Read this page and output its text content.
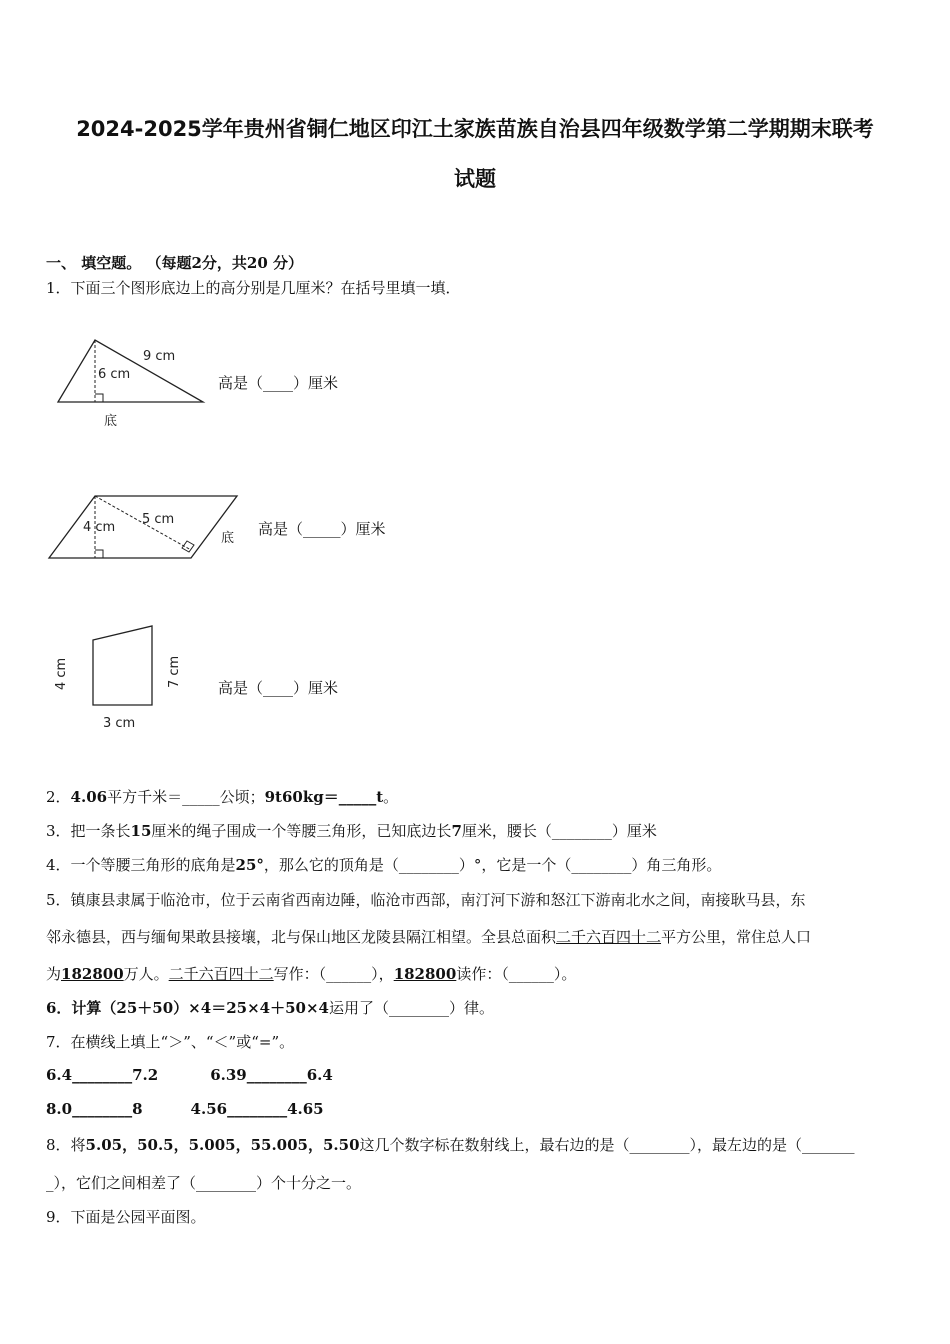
2024-2025学年贵州省铜仁地区印江土家族苗族自治县四年级数学第二学期期末联考
试题
一、 填空题。 （每题2分，共20 分）
1．下面三个图形底边上的高分别是几厘米？在括号里填一填．
9 cm
6 cm
底
高是（____）厘米
4 cm
5 cm
底
高是（_____）厘米
4 cm	7 cm
3 cm
高是（____）厘米
2．4.06平方千米＝_____公顷；9t60kg＝_____t。
3．把一条长15厘米的绳子围成一个等腰三角形，已知底边长7厘米，腰长（________）厘米
4．一个等腰三角形的底角是25°，那么它的顶角是（________）°，它是一个（________）角三角形。
5．镇康县隶属于临沧市，位于云南省西南边陲，临沧市西部，南汀河下游和怒江下游南北水之间，南接耿马县，东
邻永德县，西与缅甸果敢县接壤，北与保山地区龙陵县隔江相望。全县总面积二千六百四十二平方公里，常住总人口
为182800万人。二千六百四十二写作：（______），182800读作：（______）。
6．计算（25＋50）×4＝25×4＋50×4运用了（________）律。
7．在横线上填上“＞”、“＜”或“=”。
6.4________7.2	6.39________6.4
8.0________8	4.56________4.65
8．将5.05，50.5，5.005，55.005，5.50这几个数字标在数射线上，最右边的是（________），最左边的是（_______
_），它们之间相差了（________）个十分之一。
9．下面是公园平面图。
